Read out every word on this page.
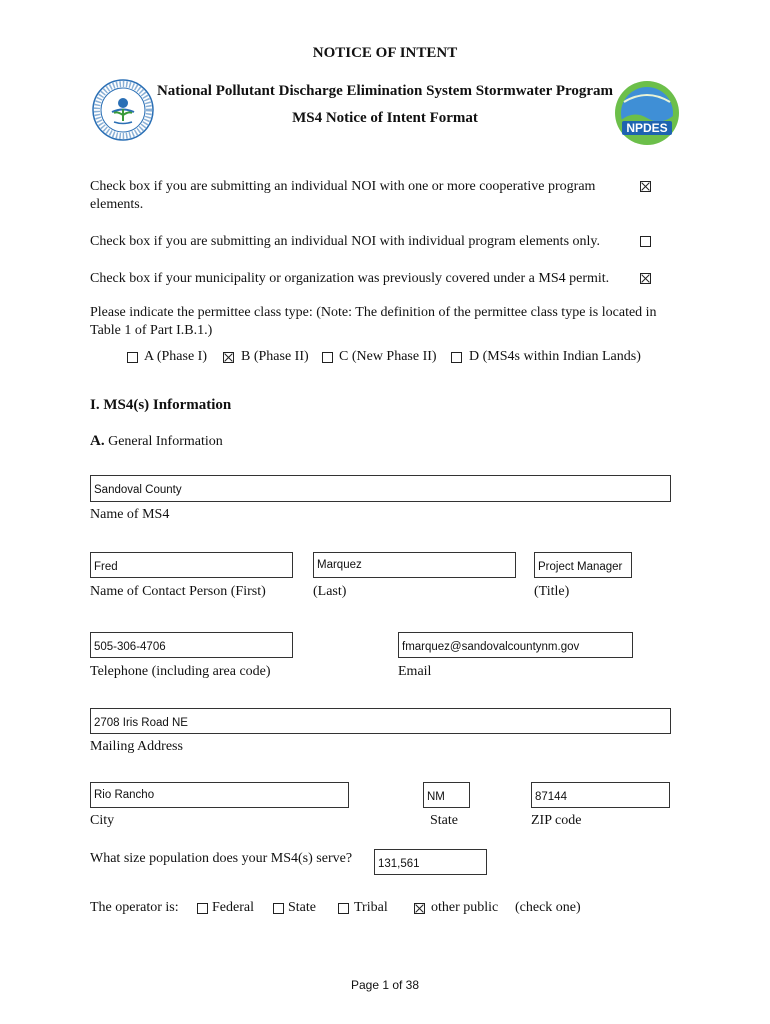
NOTICE OF INTENT
National Pollutant Discharge Elimination System Stormwater Program
MS4 Notice of Intent Format
NPDES
Check box if you are submitting an individual NOI with one or more cooperative program elements.
Check box if you are submitting an individual NOI with individual program elements only.
Check box if your municipality or organization was previously covered under a MS4 permit.
Please indicate the permittee class type: (Note: The definition of the permittee class type is located in Table 1 of Part I.B.1.)
A (Phase I) B (Phase II) C (New Phase II) D (MS4s within Indian Lands)
I. MS4(s) Information
A. General Information
Sandoval County
Name of MS4
Fred	Marquez	Project Manager
Name of Contact Person (First)	(Last)	(Title)
505-306-4706	fmarquez@sandovalcountynm.gov
Telephone (including area code)	Email
2708 Iris Road NE
Mailing Address
Rio Rancho	NM	87144
City	State	ZIP code
What size population does your MS4(s) serve?	131,561
The operator is: Federal State	Tribal	other public (check one)
Page 1 of 38
